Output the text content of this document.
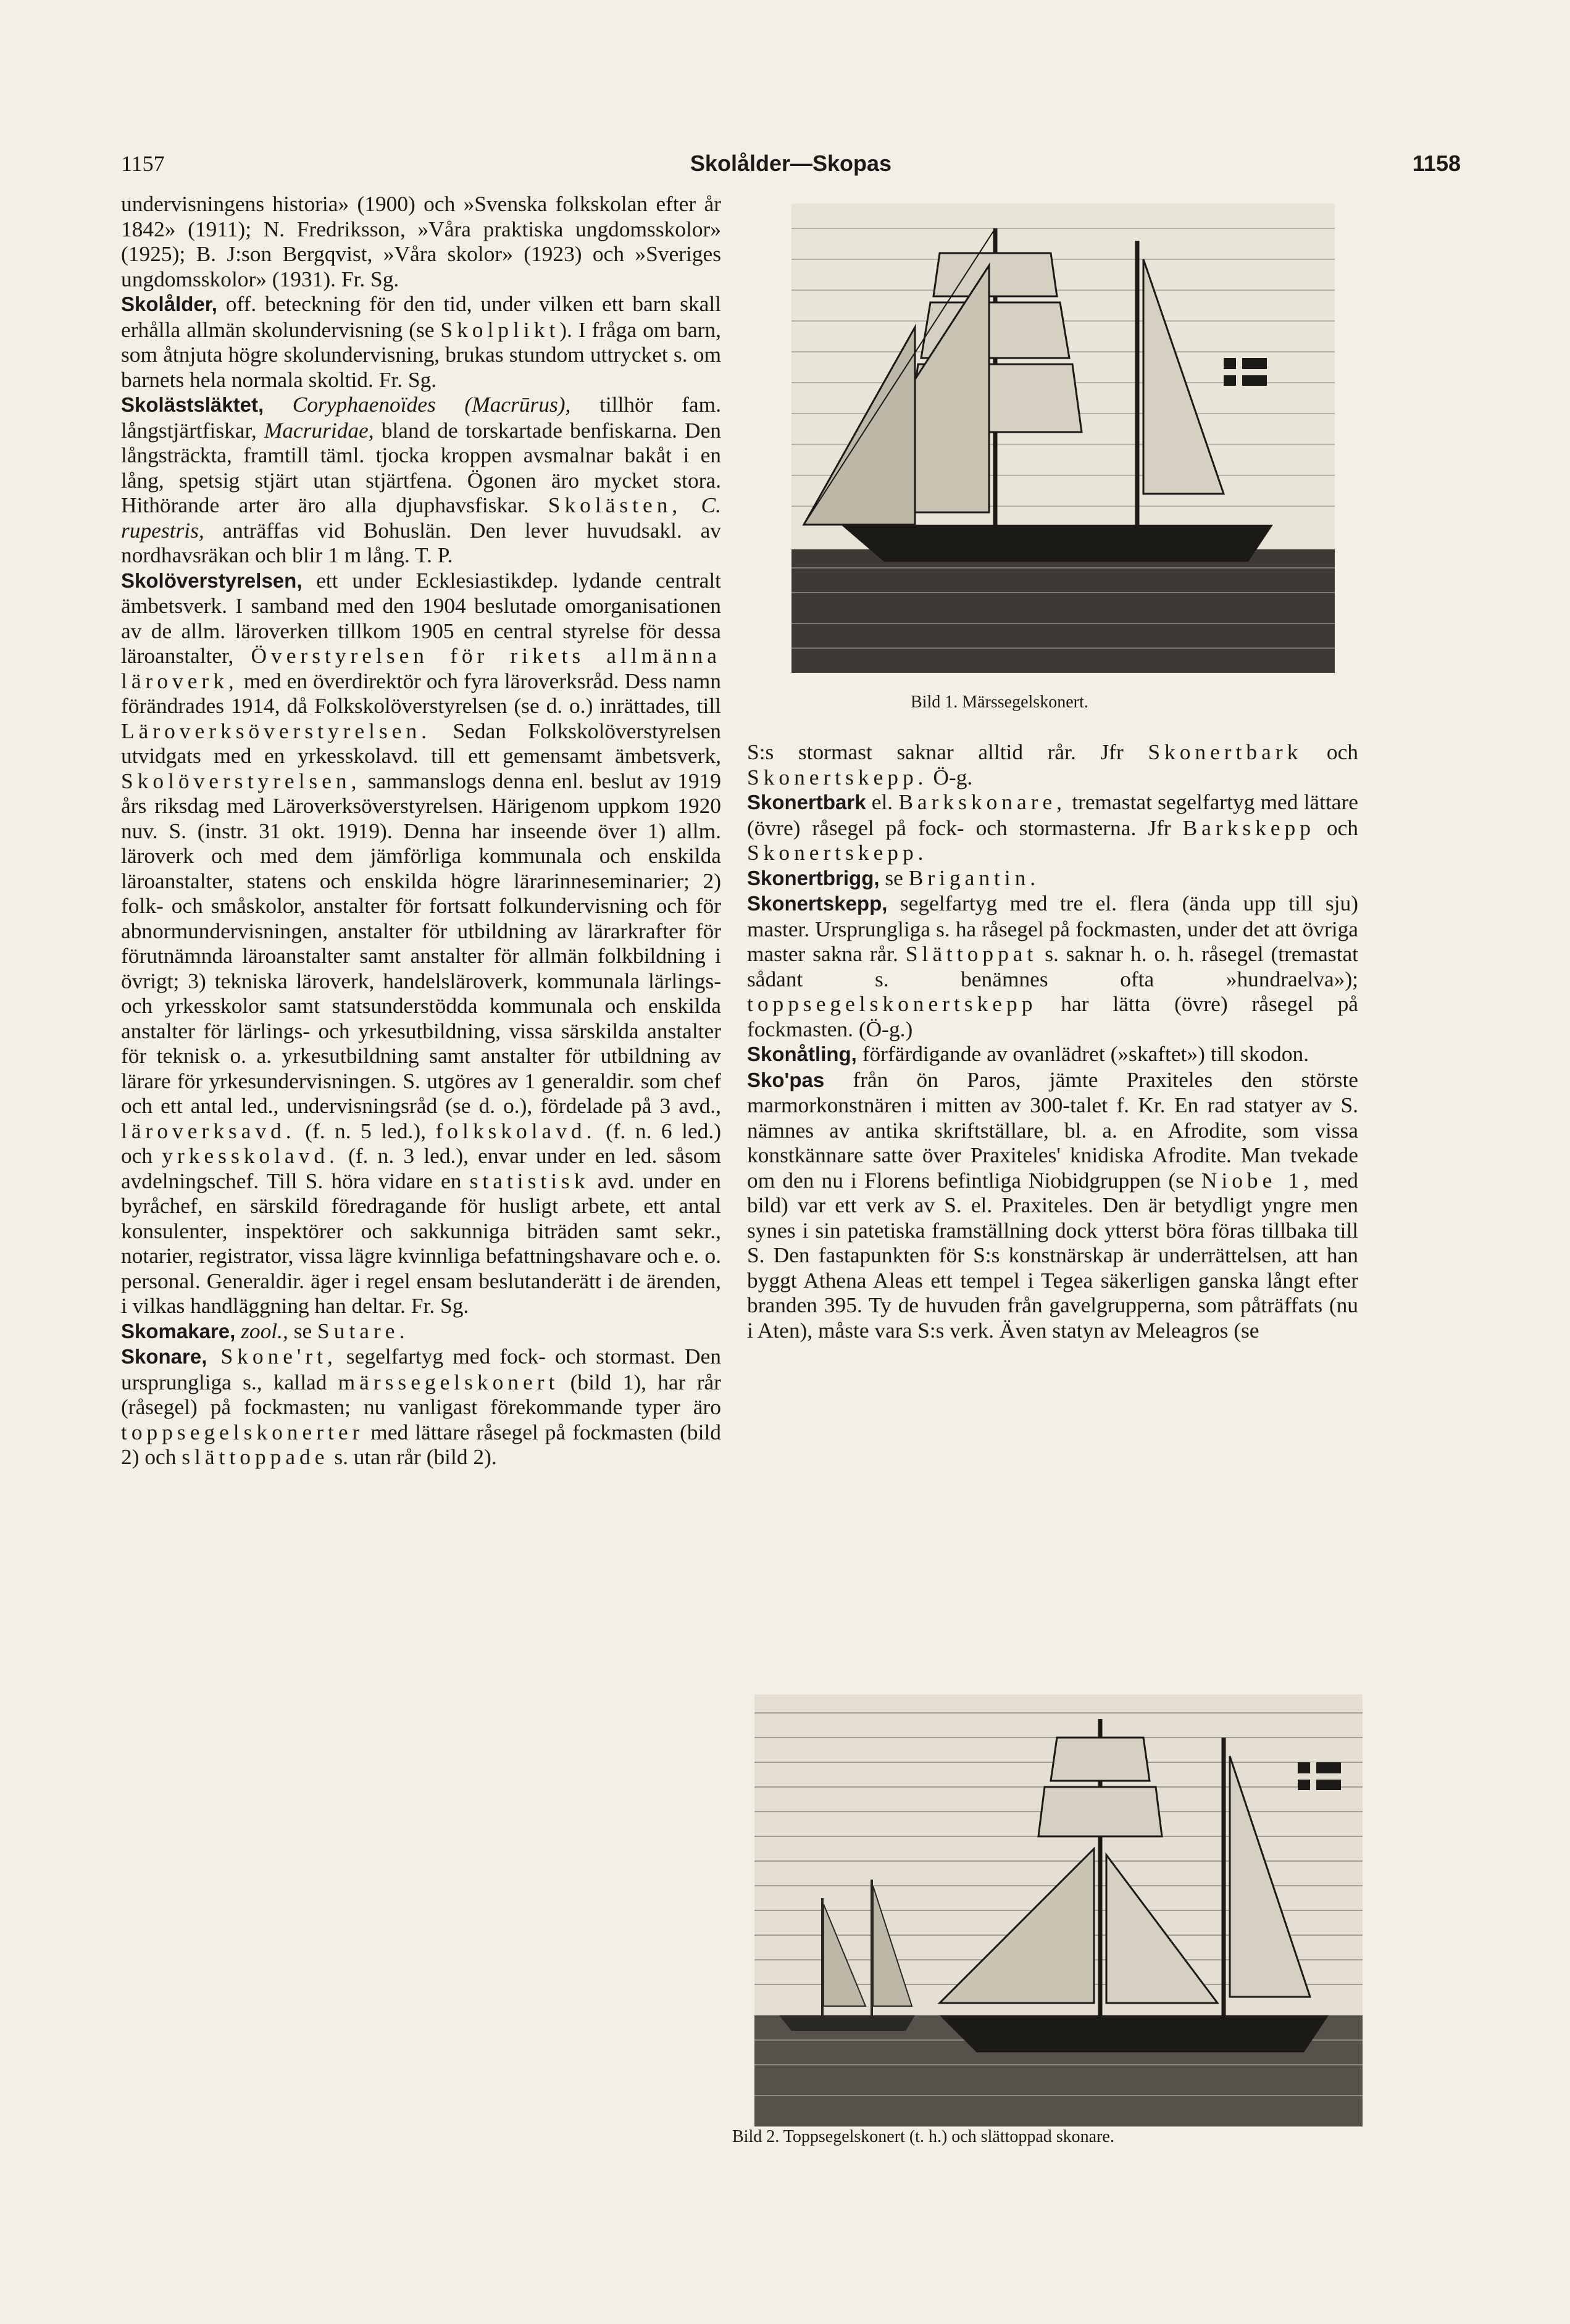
1157	Skolålder—Skopas	1158

undervisningens historia» (1900) och »Svenska folkskolan efter år 1842» (1911); N. Fredriksson, »Våra praktiska ungdomsskolor» (1925); B. J:son Bergqvist, »Våra skolor» (1923) och »Sveriges ungdomsskolor» (1931). Fr. Sg.

Skolålder, off. beteckning för den tid, under vilken ett barn skall erhålla allmän skolundervisning (se Skolplikt). I fråga om barn, som åtnjuta högre skolundervisning, brukas stundom uttrycket s. om barnets hela normala skoltid. Fr. Sg.

Skolästsläktet, Coryphaenoïdes (Macrūrus), tillhör fam. långstjärtfiskar, Macruridae, bland de torskartade benfiskarna. Den långsträckta, framtill täml. tjocka kroppen avsmalnar bakåt i en lång, spetsig stjärt utan stjärtfena. Ögonen äro mycket stora. Hithörande arter äro alla djuphavsfiskar. Skolästen, C. rupestris, anträffas vid Bohuslän. Den lever huvudsakl. av nordhavsräkan och blir 1 m lång. T. P.

Skolöverstyrelsen, ett under Ecklesiastikdep. lydande centralt ämbetsverk. I samband med den 1904 beslutade omorganisationen av de allm. läroverken tillkom 1905 en central styrelse för dessa läroanstalter, Överstyrelsen för rikets allmänna läroverk, med en överdirektör och fyra läroverksråd. Dess namn förändrades 1914, då Folkskolöverstyrelsen (se d. o.) inrättades, till Läroverksöverstyrelsen. Sedan Folkskolöverstyrelsen utvidgats med en yrkesskolavd. till ett gemensamt ämbetsverk, Skolöverstyrelsen, sammanslogs denna enl. beslut av 1919 års riksdag med Läroverksöverstyrelsen. Härigenom uppkom 1920 nuv. S. (instr. 31 okt. 1919). Denna har inseende över 1) allm. läroverk och med dem jämförliga kommunala och enskilda läroanstalter, statens och enskilda högre lärarinneseminarier; 2) folk- och småskolor, anstalter för fortsatt folkundervisning och för abnormundervisningen, anstalter för utbildning av lärarkrafter för förutnämnda läroanstalter samt anstalter för allmän folkbildning i övrigt; 3) tekniska läroverk, handelsläroverk, kommunala lärlings- och yrkesskolor samt statsunderstödda kommunala och enskilda anstalter för lärlings- och yrkesutbildning, vissa särskilda anstalter för teknisk o. a. yrkesutbildning samt anstalter för utbildning av lärare för yrkesundervisningen. S. utgöres av 1 generaldir. som chef och ett antal led., undervisningsråd (se d. o.), fördelade på 3 avd., läroverksavd. (f. n. 5 led.), folkskolavd. (f. n. 6 led.) och yrkesskolavd. (f. n. 3 led.), envar under en led. såsom avdelningschef. Till S. höra vidare en statistisk avd. under en byråchef, en särskild föredragande för husligt arbete, ett antal konsulenter, inspektörer och sakkunniga biträden samt sekr., notarier, registrator, vissa lägre kvinnliga befattningshavare och e. o. personal. Generaldir. äger i regel ensam beslutanderätt i de ärenden, i vilkas handläggning han deltar. Fr. Sg.

Skomakare, zool., se Sutare.

Skonare, Skone'rt, segelfartyg med fock- och stormast. Den ursprungliga s., kallad märssegelskonert (bild 1), har rår (råsegel) på fockmasten; nu vanligast förekommande typer äro toppsegelskonerter med lättare råsegel på fockmasten (bild 2) och slättoppade s. utan rår (bild 2).

Bild 1. Märssegelskonert.

S:s stormast saknar alltid rår. Jfr Skonertbark och Skonertskepp. Ö-g.

Skonertbark el. Barkskonare, tremastat segelfartyg med lättare (övre) råsegel på fock- och stormasterna. Jfr Barkskepp och Skonertskepp.

Skonertbrigg, se Brigantin.

Skonertskepp, segelfartyg med tre el. flera (ända upp till sju) master. Ursprungliga s. ha råsegel på fockmasten, under det att övriga master sakna rår. Slättoppat s. saknar h. o. h. råsegel (tremastat sådant s. benämnes ofta »hundraelva»); toppsegelskonertskepp har lätta (övre) råsegel på fockmasten. (Ö-g.)

Skonåtling, förfärdigande av ovanlädret (»skaftet») till skodon.

Sko'pas från ön Paros, jämte Praxiteles den störste marmorkonstnären i mitten av 300-talet f. Kr. En rad statyer av S. nämnes av antika skriftställare, bl. a. en Afrodite, som vissa konstkännare satte över Praxiteles' knidiska Afrodite. Man tvekade om den nu i Florens befintliga Niobidgruppen (se Niobe 1, med bild) var ett verk av S. el. Praxiteles. Den är betydligt yngre men synes i sin patetiska framställning dock ytterst böra föras tillbaka till S. Den fastapunkten för S:s konstnärskap är underrättelsen, att han byggt Athena Aleas ett tempel i Tegea säkerligen ganska långt efter branden 395. Ty de huvuden från gavelgrupperna, som påträffats (nu i Aten), måste vara S:s verk. Även statyn av Meleagros (se

Bild 2. Toppsegelskonert (t. h.) och slättoppad skonare.
